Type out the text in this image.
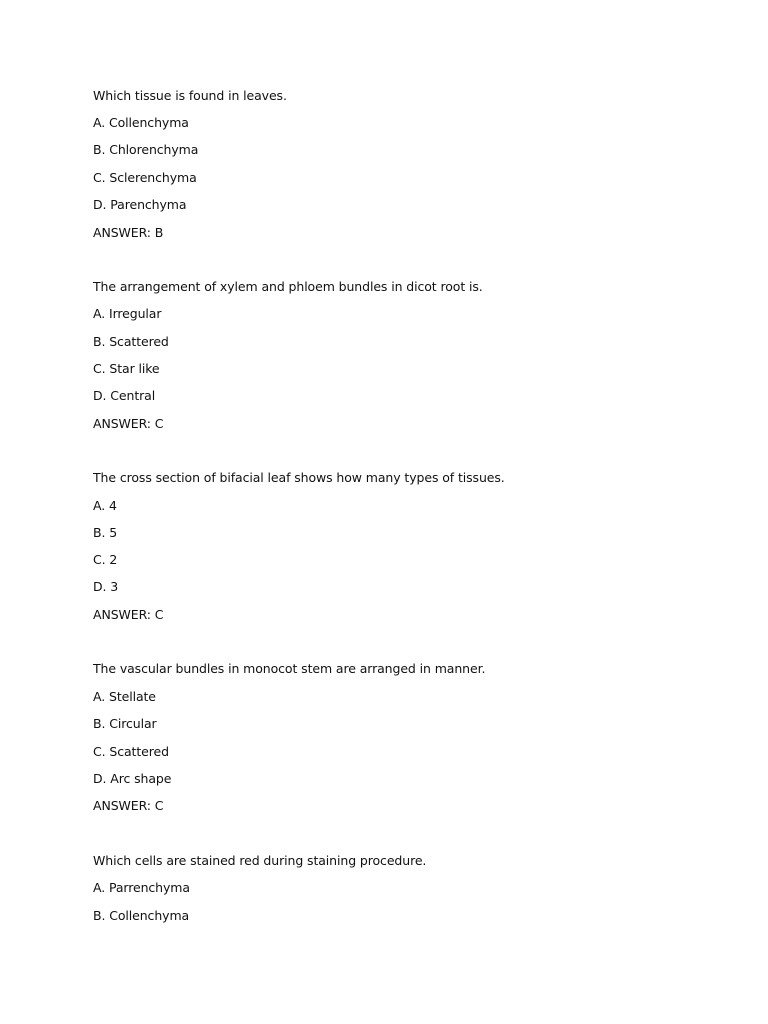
Which tissue is found in leaves.

A. Collenchyma

B. Chlorenchyma

C. Sclerenchyma

D. Parenchyma

ANSWER: B

The arrangement of xylem and phloem bundles in dicot root is.

A. Irregular

B. Scattered

C. Star like

D. Central

ANSWER: C

The cross section of bifacial leaf shows how many types of tissues.

A. 4

B. 5

C. 2

D. 3

ANSWER: C

The vascular bundles in monocot stem are arranged in manner.

A. Stellate

B. Circular

C. Scattered

D. Arc shape

ANSWER: C

Which cells are stained red during staining procedure.

A. Parrenchyma

B. Collenchyma
